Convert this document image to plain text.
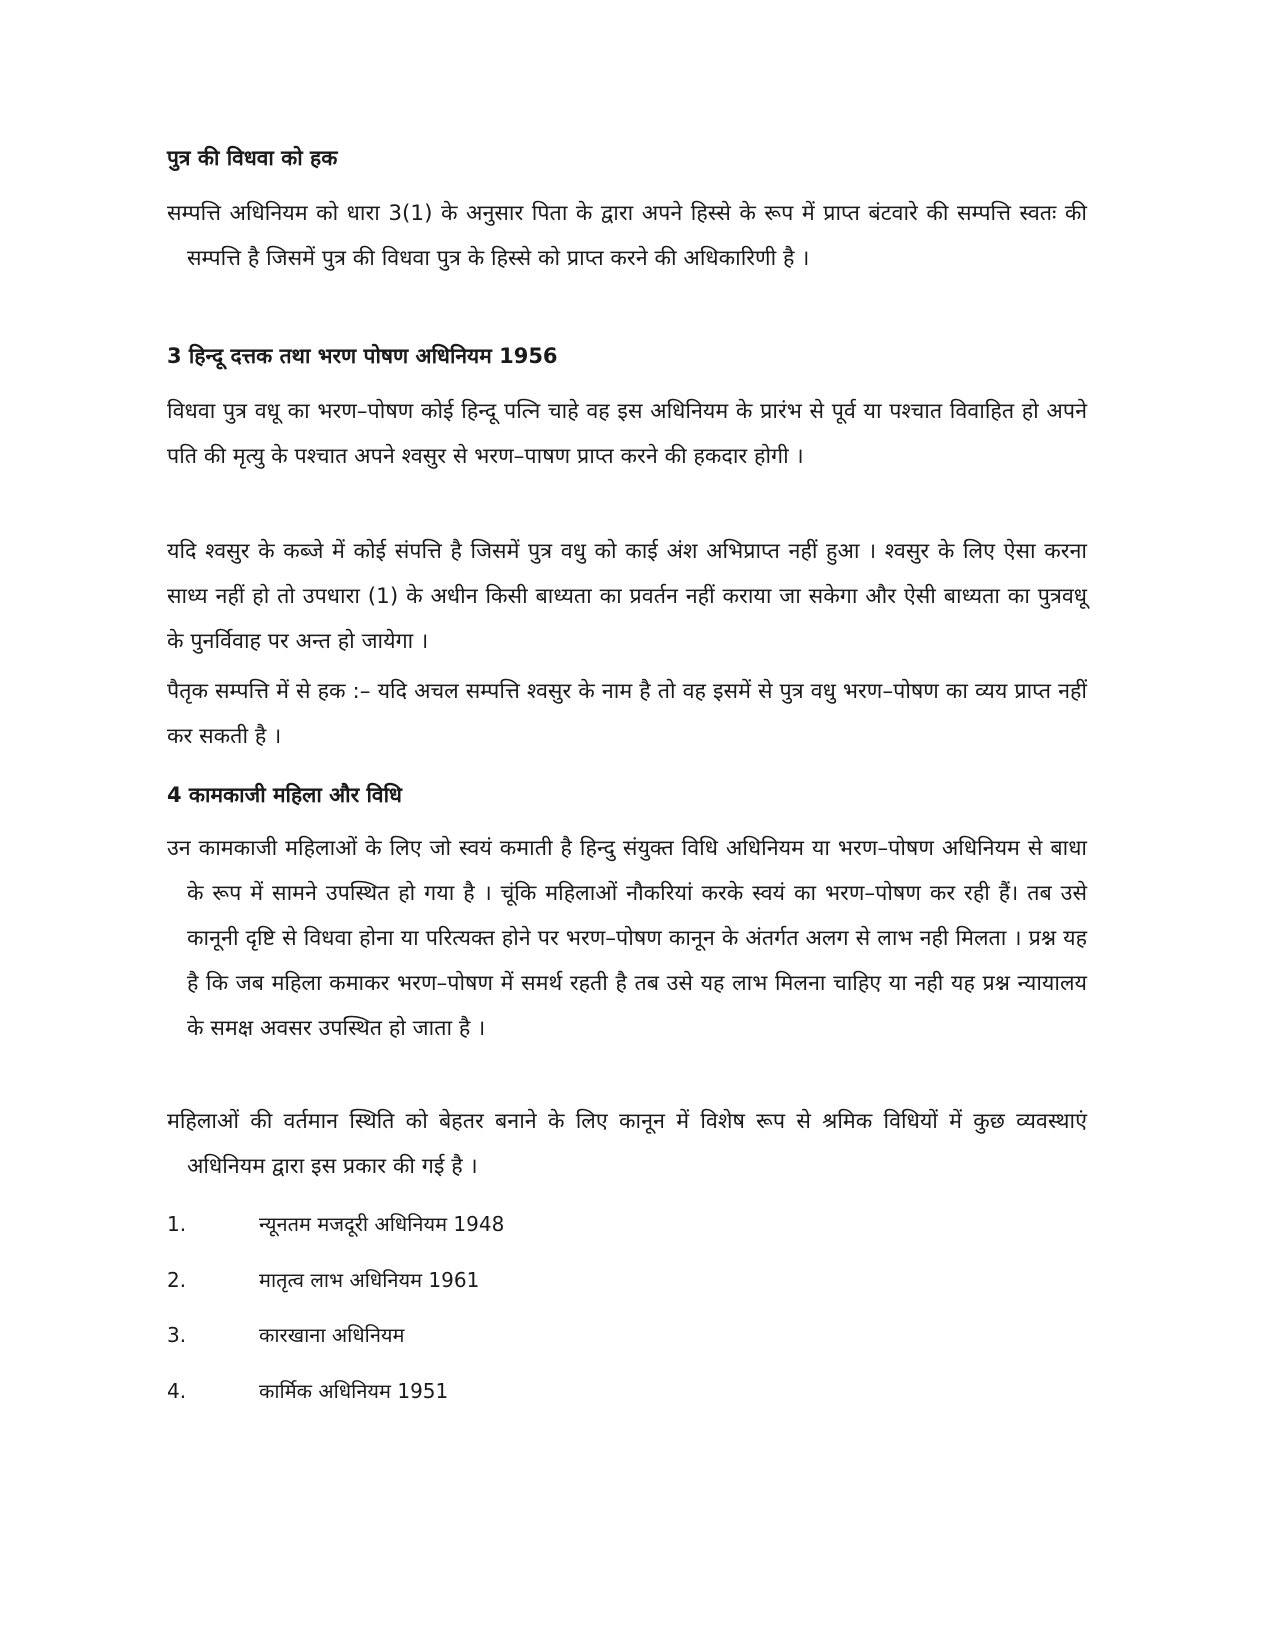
पुत्र की विधवा को हक
सम्पत्ति अधिनियम को धारा 3(1) के अनुसार पिता के द्वारा अपने हिस्से के रूप में प्राप्त बंटवारे की सम्पत्ति स्वतः की सम्पत्ति है जिसमें पुत्र की विधवा पुत्र के हिस्से को प्राप्त करने की अधिकारिणी है ।
3 हिन्दू दत्तक तथा भरण पोषण अधिनियम 1956
विधवा पुत्र वधू का भरण–पोषण कोई हिन्दू पत्नि चाहे वह इस अधिनियम के प्रारंभ से पूर्व या पश्चात विवाहित हो अपने पति की मृत्यु के पश्चात अपने श्वसुर से भरण–पाषण प्राप्त करने की हकदार होगी ।
यदि श्वसुर के कब्जे में कोई संपत्ति है जिसमें पुत्र वधु को काई अंश अभिप्राप्त नहीं हुआ । श्वसुर के लिए ऐसा करना साध्य नहीं हो तो उपधारा (1) के अधीन किसी बाध्यता का प्रवर्तन नहीं कराया जा सकेगा और ऐसी बाध्यता का पुत्रवधू के पुनर्विवाह पर अन्त हो जायेगा ।
पैतृक सम्पत्ति में से हक :– यदि अचल सम्पत्ति श्वसुर के नाम है तो वह इसमें से पुत्र वधु भरण–पोषण का व्यय प्राप्त नहीं कर सकती है ।
4 कामकाजी महिला और विधि
उन कामकाजी महिलाओं के लिए जो स्वयं कमाती है हिन्दु संयुक्त विधि अधिनियम या भरण–पोषण अधिनियम से बाधा के रूप में सामने उपस्थित हो गया है । चूंकि महिलाओं नौकरियां करके स्वयं का भरण–पोषण कर रही हैं। तब उसे कानूनी दृष्टि से विधवा होना या परित्यक्त होने पर भरण–पोषण कानून के अंतर्गत अलग से लाभ नही मिलता । प्रश्न यह है कि जब महिला कमाकर भरण–पोषण में समर्थ रहती है तब उसे यह लाभ मिलना चाहिए या नही यह प्रश्न न्यायालय के समक्ष अवसर उपस्थित हो जाता है ।
महिलाओं की वर्तमान स्थिति को बेहतर बनाने के लिए कानून में विशेष रूप से श्रमिक विधियों में कुछ व्यवस्थाएं अधिनियम द्वारा इस प्रकार की गई है ।
1.	न्यूनतम मजदूरी अधिनियम 1948
2.	मातृत्व लाभ अधिनियम 1961
3.	कारखाना अधिनियम
4.	कार्मिक अधिनियम 1951
